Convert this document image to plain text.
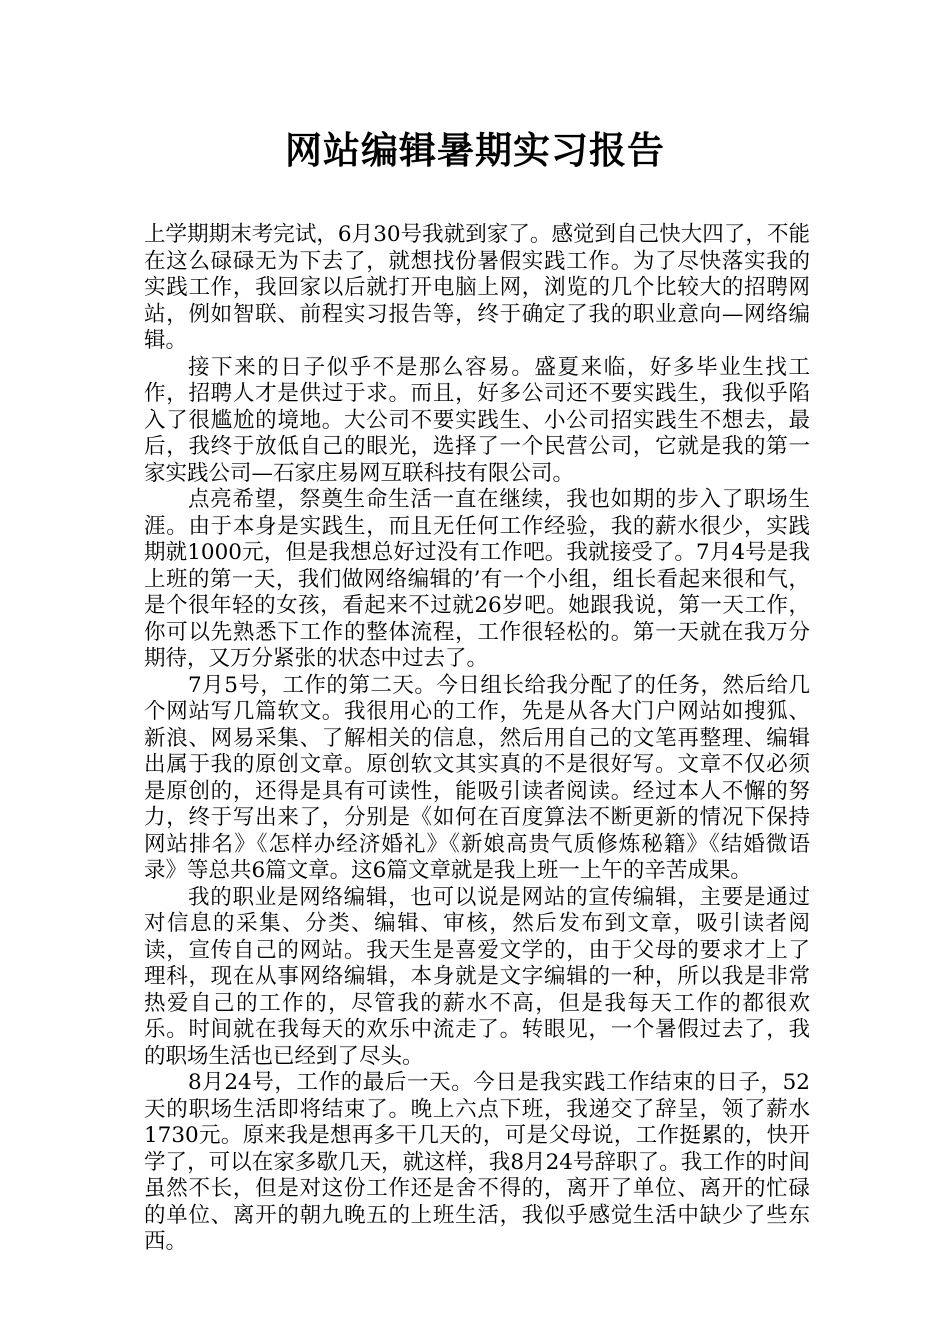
网站编辑暑期实习报告

上学期期末考完试，6月30号我就到家了。感觉到自己快大四了，不能在这么碌碌无为下去了，就想找份暑假实践工作。为了尽快落实我的实践工作，我回家以后就打开电脑上网，浏览的几个比较大的招聘网站，例如智联、前程实习报告等，终于确定了我的职业意向—网络编辑。

接下来的日子似乎不是那么容易。盛夏来临，好多毕业生找工作，招聘人才是供过于求。而且，好多公司还不要实践生，我似乎陷入了很尴尬的境地。大公司不要实践生、小公司招实践生不想去，最后，我终于放低自己的眼光，选择了一个民营公司，它就是我的第一家实践公司—石家庄易网互联科技有限公司。

点亮希望，祭奠生命生活一直在继续，我也如期的步入了职场生涯。由于本身是实践生，而且无任何工作经验，我的薪水很少，实践期就1000元，但是我想总好过没有工作吧。我就接受了。7月4号是我上班的第一天，我们做网络编辑的’有一个小组，组长看起来很和气，是个很年轻的女孩，看起来不过就26岁吧。她跟我说，第一天工作，你可以先熟悉下工作的整体流程，工作很轻松的。第一天就在我万分期待，又万分紧张的状态中过去了。

7月5号，工作的第二天。今日组长给我分配了的任务，然后给几个网站写几篇软文。我很用心的工作，先是从各大门户网站如搜狐、新浪、网易采集、了解相关的信息，然后用自己的文笔再整理、编辑出属于我的原创文章。原创软文其实真的不是很好写。文章不仅必须是原创的，还得是具有可读性，能吸引读者阅读。经过本人不懈的努力，终于写出来了，分别是《如何在百度算法不断更新的情况下保持网站排名》《怎样办经济婚礼》《新娘高贵气质修炼秘籍》《结婚微语录》等总共6篇文章。这6篇文章就是我上班一上午的辛苦成果。

我的职业是网络编辑，也可以说是网站的宣传编辑，主要是通过对信息的采集、分类、编辑、审核，然后发布到文章，吸引读者阅读，宣传自己的网站。我天生是喜爱文学的，由于父母的要求才上了理科，现在从事网络编辑，本身就是文字编辑的一种，所以我是非常热爱自己的工作的，尽管我的薪水不高，但是我每天工作的都很欢乐。时间就在我每天的欢乐中流走了。转眼见，一个暑假过去了，我的职场生活也已经到了尽头。

8月24号，工作的最后一天。今日是我实践工作结束的日子，52天的职场生活即将结束了。晚上六点下班，我递交了辞呈，领了薪水1730元。原来我是想再多干几天的，可是父母说，工作挺累的，快开学了，可以在家多歇几天，就这样，我8月24号辞职了。我工作的时间虽然不长，但是对这份工作还是舍不得的，离开了单位、离开的忙碌的单位、离开的朝九晚五的上班生活，我似乎感觉生活中缺少了些东西。
